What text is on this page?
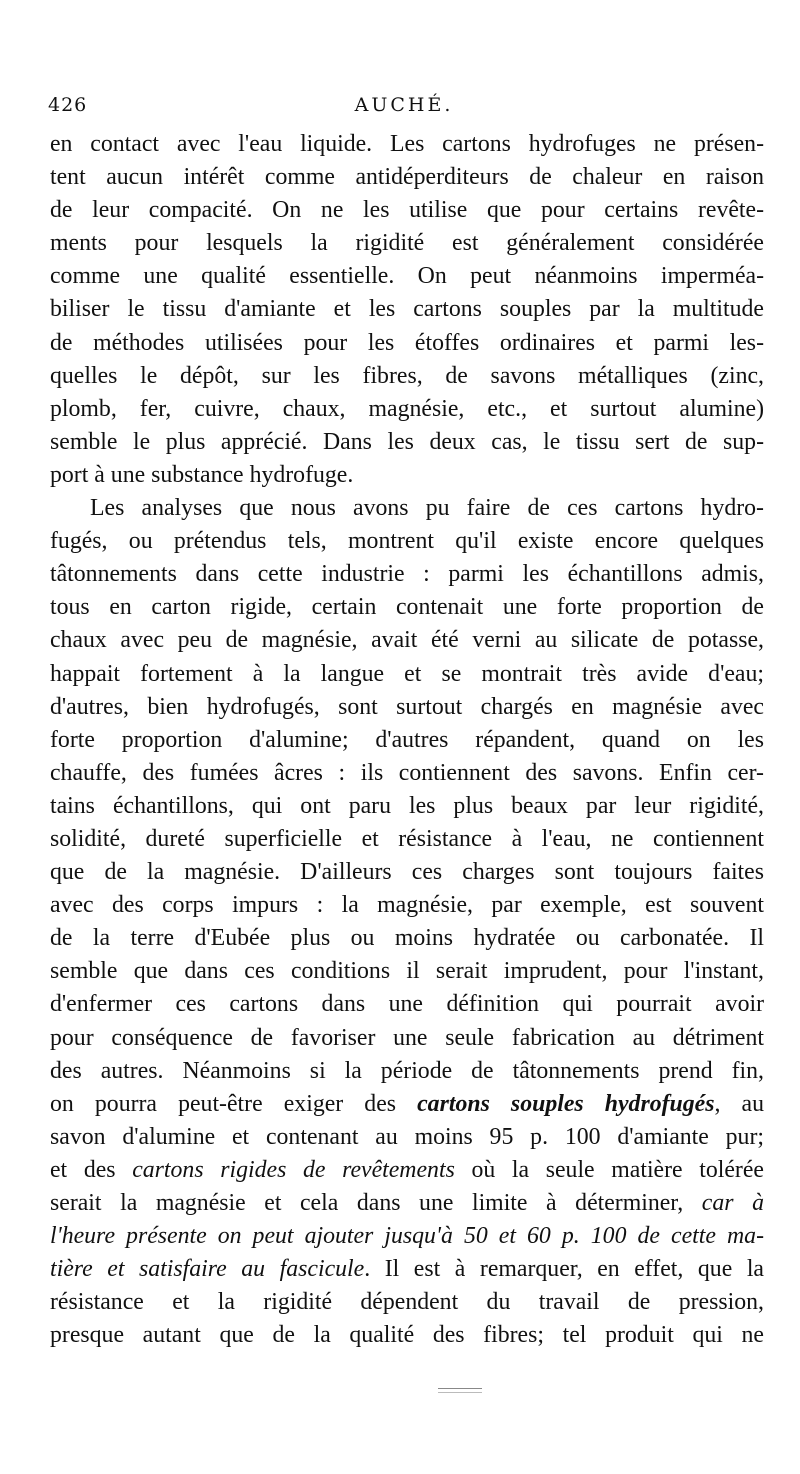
426	AUCHÉ.
en contact avec l'eau liquide. Les cartons hydrofuges ne présen-
tent aucun intérêt comme antidéperditeurs de chaleur en raison
de leur compacité. On ne les utilise que pour certains revête-
ments pour lesquels la rigidité est généralement considérée
comme une qualité essentielle. On peut néanmoins imperméa-
biliser le tissu d'amiante et les cartons souples par la multitude
de méthodes utilisées pour les étoffes ordinaires et parmi les-
quelles le dépôt, sur les fibres, de savons métalliques (zinc,
plomb, fer, cuivre, chaux, magnésie, etc., et surtout alumine)
semble le plus apprécié. Dans les deux cas, le tissu sert de sup-
port à une substance hydrofuge.
Les analyses que nous avons pu faire de ces cartons hydro-
fugés, ou prétendus tels, montrent qu'il existe encore quelques
tâtonnements dans cette industrie : parmi les échantillons admis,
tous en carton rigide, certain contenait une forte proportion de
chaux avec peu de magnésie, avait été verni au silicate de potasse,
happait fortement à la langue et se montrait très avide d'eau;
d'autres, bien hydrofugés, sont surtout chargés en magnésie avec
forte proportion d'alumine; d'autres répandent, quand on les
chauffe, des fumées âcres : ils contiennent des savons. Enfin cer-
tains échantillons, qui ont paru les plus beaux par leur rigidité,
solidité, dureté superficielle et résistance à l'eau, ne contiennent
que de la magnésie. D'ailleurs ces charges sont toujours faites
avec des corps impurs : la magnésie, par exemple, est souvent
de la terre d'Eubée plus ou moins hydratée ou carbonatée. Il
semble que dans ces conditions il serait imprudent, pour l'instant,
d'enfermer ces cartons dans une définition qui pourrait avoir
pour conséquence de favoriser une seule fabrication au détriment
des autres. Néanmoins si la période de tâtonnements prend fin,
on pourra peut-être exiger des cartons souples hydrofugés, au
savon d'alumine et contenant au moins 95 p. 100 d'amiante pur;
et des cartons rigides de revêtements où la seule matière tolérée
serait la magnésie et cela dans une limite à déterminer, car à
l'heure présente on peut ajouter jusqu'à 50 et 60 p. 100 de cette ma-
tière et satisfaire au fascicule. Il est à remarquer, en effet, que la
résistance et la rigidité dépendent du travail de pression,
presque autant que de la qualité des fibres; tel produit qui ne
